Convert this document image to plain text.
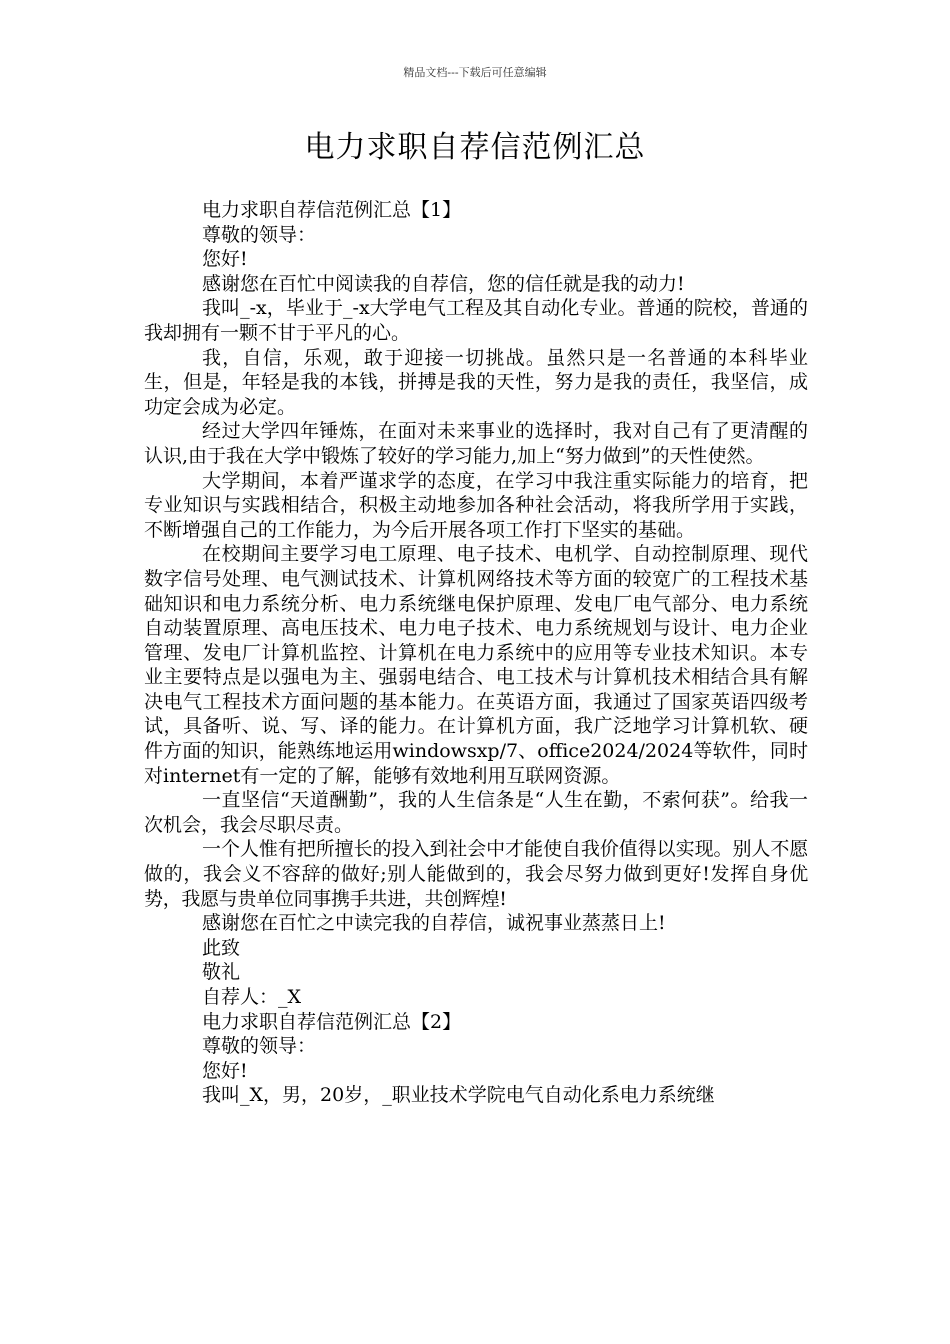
精品文档---下载后可任意编辑
电力求职自荐信范例汇总

电力求职自荐信范例汇总【1】

尊敬的领导：

您好!

感谢您在百忙中阅读我的自荐信，您的信任就是我的动力!

我叫_-x，毕业于_-x大学电气工程及其自动化专业。普通的院校，普通的我却拥有一颗不甘于平凡的心。

我，自信，乐观，敢于迎接一切挑战。虽然只是一名普通的本科毕业生，但是，年轻是我的本钱，拼搏是我的天性，努力是我的责任，我坚信，成功定会成为必定。

经过大学四年锤炼，在面对未来事业的选择时，我对自己有了更清醒的认识,由于我在大学中锻炼了较好的学习能力,加上“努力做到”的天性使然。

大学期间，本着严谨求学的态度，在学习中我注重实际能力的培育，把专业知识与实践相结合，积极主动地参加各种社会活动，将我所学用于实践，不断增强自己的工作能力，为今后开展各项工作打下坚实的基础。

在校期间主要学习电工原理、电子技术、电机学、自动控制原理、现代数字信号处理、电气测试技术、计算机网络技术等方面的较宽广的工程技术基础知识和电力系统分析、电力系统继电保护原理、发电厂电气部分、电力系统自动装置原理、高电压技术、电力电子技术、电力系统规划与设计、电力企业管理、发电厂计算机监控、计算机在电力系统中的应用等专业技术知识。本专业主要特点是以强电为主、强弱电结合、电工技术与计算机技术相结合具有解决电气工程技术方面问题的基本能力。在英语方面，我通过了国家英语四级考试，具备听、说、写、译的能力。在计算机方面，我广泛地学习计算机软、硬件方面的知识，能熟练地运用windowsxp/7、office2024/2024等软件，同时对internet有一定的了解，能够有效地利用互联网资源。

一直坚信“天道酬勤”，我的人生信条是“人生在勤，不索何获”。给我一次机会，我会尽职尽责。

一个人惟有把所擅长的投入到社会中才能使自我价值得以实现。别人不愿做的，我会义不容辞的做好;别人能做到的，我会尽努力做到更好!发挥自身优势，我愿与贵单位同事携手共进，共创辉煌!

感谢您在百忙之中读完我的自荐信，诚祝事业蒸蒸日上!

此致

敬礼

自荐人：_X

电力求职自荐信范例汇总【2】

尊敬的领导：

您好!

我叫_X，男，20岁，_职业技术学院电气自动化系电力系统继
